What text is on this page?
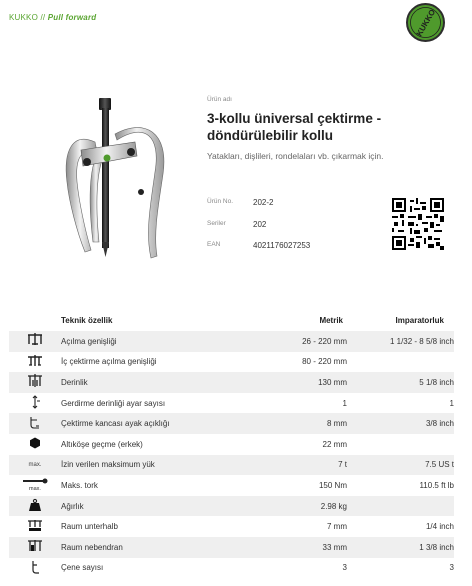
KUKKO // Pull forward	KUKKO
Ürün adı
3-kollu üniversal çektirme -
döndürülebilir kollu
Yatakları, dişlileri, rondelaları vb. çıkarmak için.
Ürün No. 202-2
Seriler	202
EAN	4021176027253
	Teknik özellik	Metrik	Imparatorluk
	Açılma genişliği	26 - 220 mm	1 1/32 - 8 5/8 inch
	İç çektirme açılma genişliği	80 - 220 mm	
	Derinlik	130 mm	5 1/8 inch
	Gerdirme derinliği ayar sayısı	1	1
	Çektirme kancası ayak açıklığı	8 mm	3/8 inch
	Altıköşe geçme (erkek)	22 mm	
max.	İzin verilen maksimum yük	7 t	7.5 US t

max.	Maks. tork	150 Nm	110.5 ft lb
	Ağırlık	2.98 kg	
	Raum unterhalb	7 mm	1/4 inch
	Raum nebendran	33 mm	1 3/8 inch
	Çene sayısı	3	3
